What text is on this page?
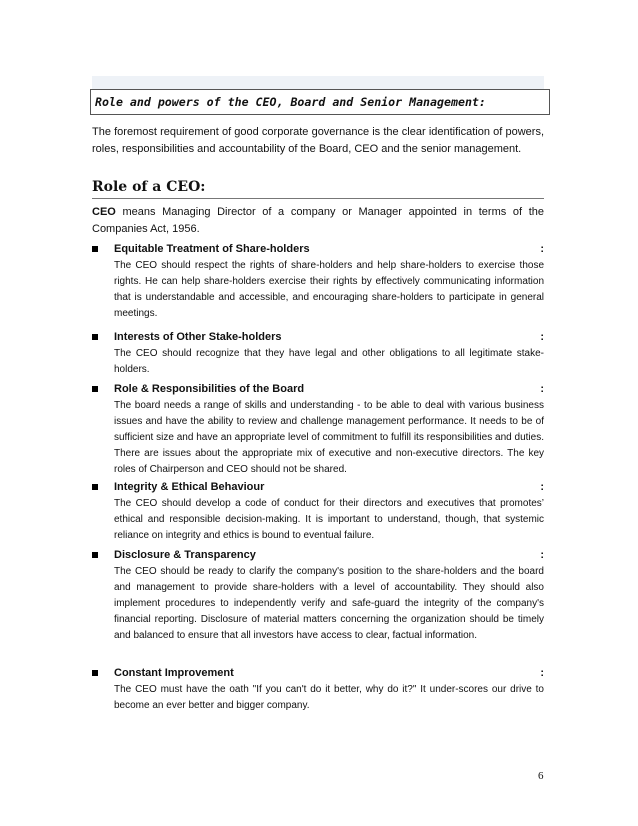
Role and powers of the CEO, Board and Senior Management:
The foremost requirement of good corporate governance is the clear identification of powers, roles, responsibilities and accountability of the Board, CEO and the senior management.
Role of a CEO:
CEO means Managing Director of a company or Manager appointed in terms of the Companies Act, 1956.
Equitable Treatment of Share-holders	:
The CEO should respect the rights of share-holders and help share-holders to exercise those rights. He can help share-holders exercise their rights by effectively communicating information that is understandable and accessible, and encouraging share-holders to participate in general meetings.
Interests of Other Stake-holders	:
The CEO should recognize that they have legal and other obligations to all legitimate stake-holders.
Role & Responsibilities of the Board	:
The board needs a range of skills and understanding - to be able to deal with various business issues and have the ability to review and challenge management performance. It needs to be of sufficient size and have an appropriate level of commitment to fulfill its responsibilities and duties. There are issues about the appropriate mix of executive and non-executive directors. The key roles of Chairperson and CEO should not be shared.
Integrity & Ethical Behaviour	:
The CEO should develop a code of conduct for their directors and executives that promotes’ ethical and responsible decision-making. It is important to understand, though, that systemic reliance on integrity and ethics is bound to eventual failure.
Disclosure & Transparency	:
The CEO should be ready to clarify the company's position to the share-holders and the board and management to provide share-holders with a level of accountability. They should also implement procedures to independently verify and safe-guard the integrity of the company's financial reporting. Disclosure of material matters concerning the organization should be timely and balanced to ensure that all investors have access to clear, factual information.
Constant Improvement	:
The CEO must have the oath "If you can't do it better, why do it?" It under-scores our drive to become an ever better and bigger company.
6
